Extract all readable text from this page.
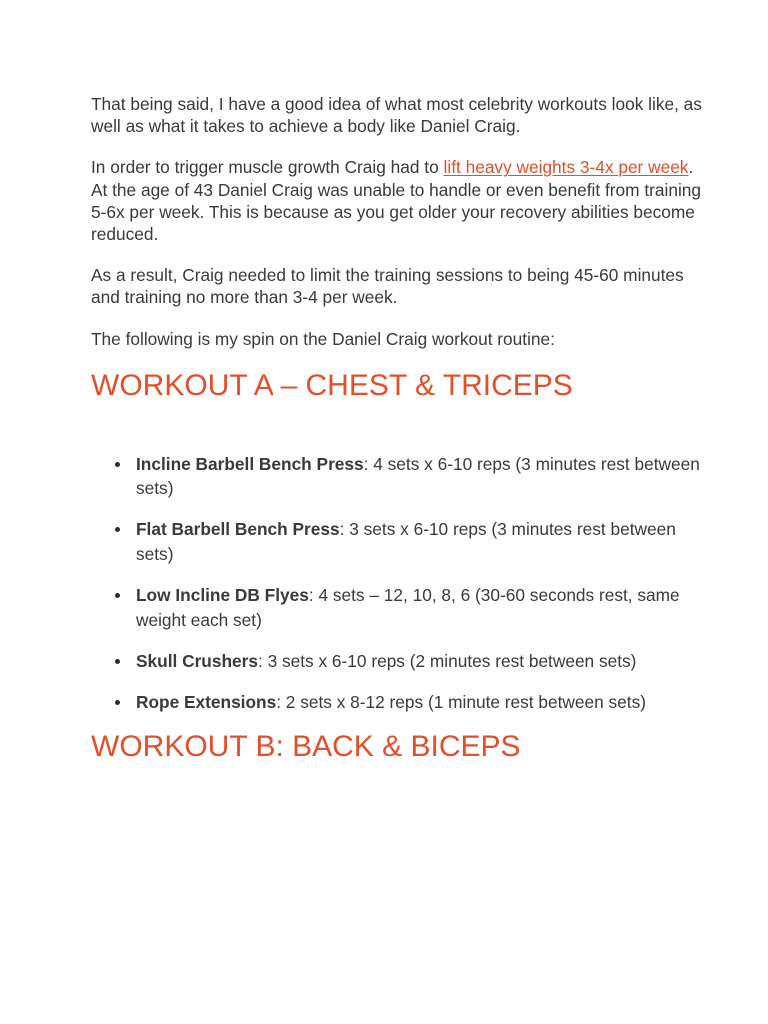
That being said, I have a good idea of what most celebrity workouts look like, as well as what it takes to achieve a body like Daniel Craig.

In order to trigger muscle growth Craig had to lift heavy weights 3-4x per week. At the age of 43 Daniel Craig was unable to handle or even benefit from training 5-6x per week. This is because as you get older your recovery abilities become reduced.

As a result, Craig needed to limit the training sessions to being 45-60 minutes and training no more than 3-4 per week.

The following is my spin on the Daniel Craig workout routine:

WORKOUT A – CHEST & TRICEPS
Incline Barbell Bench Press: 4 sets x 6-10 reps (3 minutes rest between sets)
Flat Barbell Bench Press: 3 sets x 6-10 reps (3 minutes rest between sets)
Low Incline DB Flyes: 4 sets – 12, 10, 8, 6 (30-60 seconds rest, same weight each set)
Skull Crushers: 3 sets x 6-10 reps (2 minutes rest between sets)
Rope Extensions: 2 sets x 8-12 reps (1 minute rest between sets)
WORKOUT B: BACK & BICEPS
